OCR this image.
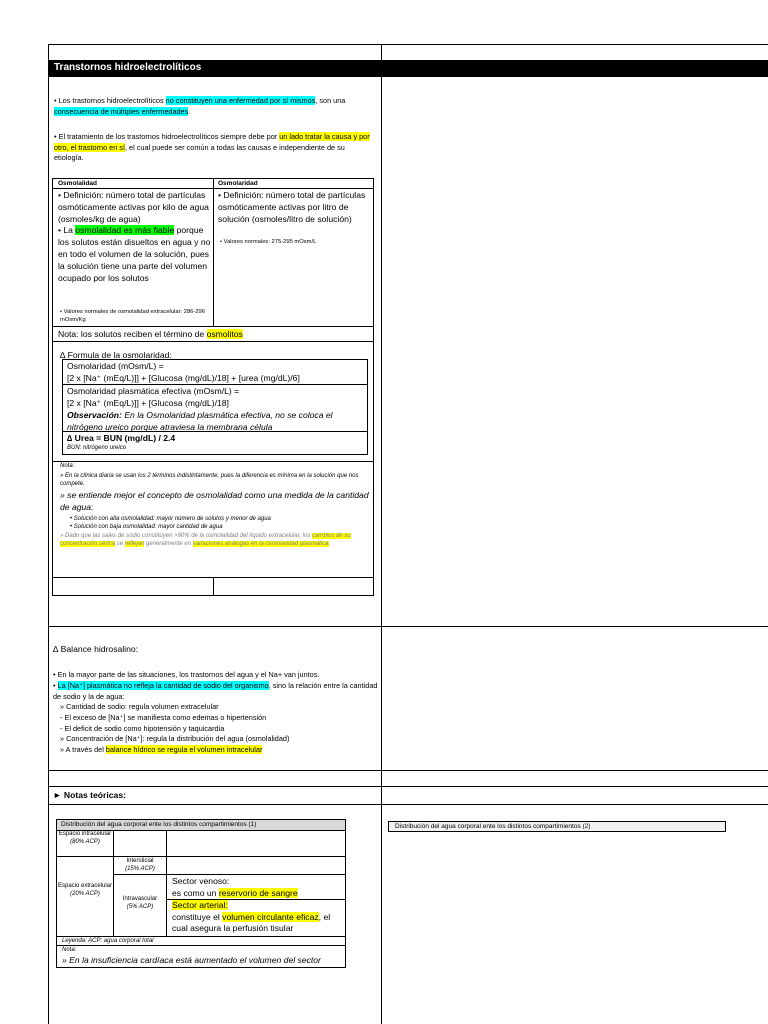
Transtornos hidroelectrolíticos
• Los trastornos hidroelectrolíticos no constituyen una enfermedad por sí mismos, son una consecuencia de múltiples enfermedades.
• El tratamiento de los trastornos hidroelectrolíticos siempre debe por un lado tratar la causa y por otro, el trastorno en sí, el cual puede ser común a todas las causas e independiente de su etiología.
Osmolalidad	Osmolaridad
• Definición: número total de partículas osmóticamente activas por kilo de agua (osmoles/kg de agua)
• La osmolalidad es más fiable porque los solutos están disueltos en agua y no en todo el volumen de la solución, pues la solución tiene una parte del volumen ocupado por los solutos
• Valores normales de osmolalidad extracelular: 286-296 mOsm/Kg
• Definición: número total de partículas osmóticamente activas por litro de solución (osmoles/litro de solución)
• Valores normales: 275-295 mOsm/L
Nota: los solutos reciben el término de osmolitos
∆ Formula de la osmolaridad:
Osmolaridad (mOsm/L) =
[2 x [Na⁺ (mEq/L)]] + [Glucosa (mg/dL)/18] + [urea (mg/dL)/6]
Osmolaridad plasmática efectiva (mOsm/L) =
[2 x [Na⁺ (mEq/L)]] + [Glucosa (mg/dL)/18]
Observación: En la Osmolaridad plasmática efectiva, no se coloca el nitrógeno ureico porque atraviesa la membrana célula
∆ Urea = BUN (mg/dL) / 2.4
BUN: nitrógeno ureico
Nota:
» En la clínica diaria se usan los 2 términos indistintamente, pues la diferencia es mínima en la solución que nos compete.
» se entiende mejor el concepto de osmolalidad como una medida de la cantidad de agua:
• Solución con alta osmolalidad: mayor número de solutos y menor de agua
• Solución con baja osmolalidad: mayor cantidad de agua
» Dado que las sales de sodio constituyen >90% de la osmolalidad del líquido extracelular, los cambios de su concentración sérica se reflejan generalmente en variaciones análogas en la osmolaridad plasmática.
∆ Balance hidrosalino:
• En la mayor parte de las situaciones, los trastornos del agua y el Na+ van juntos.
• La [Na⁺] plasmática no refleja la cantidad de sodio del organismo, sino la relación entre la cantidad de sodio y la de agua:
» Cantidad de sodio: regula volumen extracelular
- El exceso de [Na⁺] se manifiesta como edemas o hipertensión
- El deficit de sodio como hipotensión y taquicardia
» Concentración de [Na⁺]: regula la distribución del agua (osmolalidad)
» A través del balance hídrico se regula el volumen intracelular
► Notas teóricas:
Distribución del agua corporal ente los distintos compartimientos (1)
Espacio intracelular
(80% ACP)
Espacio extracelular
(20% ACP)
Intersticial
(15% ACP)
Intravascular
(5% ACP)
Sector venoso:
es como un reservorio de sangre
Sector arterial:
constituye el volumen circulante eficaz, el cual asegura la perfusión tisular
Leyenda: ACP: agua corporal total
Nota:
» En la insuficiencia cardíaca está aumentado el volumen del sector
Distribución del agua corporal ente los distintos compartimientos (2)
